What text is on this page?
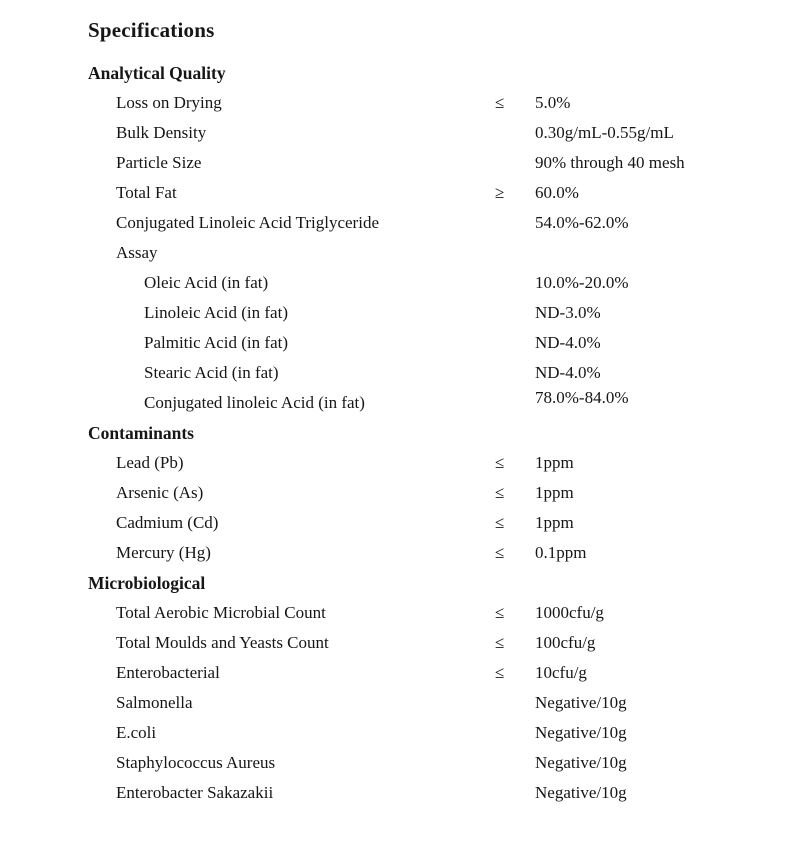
Specifications
Analytical Quality
Loss on Drying	≤ 5.0%
Bulk Density	0.30g/mL-0.55g/mL
Particle Size	90% through 40 mesh
Total Fat	≥ 60.0%
Conjugated Linoleic Acid Triglyceride	54.0%-62.0%
Assay
Oleic Acid (in fat)	10.0%-20.0%
Linoleic Acid (in fat)	ND-3.0%
Palmitic Acid (in fat)	ND-4.0%
Stearic Acid (in fat)	ND-4.0%
Conjugated linoleic Acid (in fat)	78.0%-84.0%
Contaminants
Lead (Pb)	≤ 1ppm
Arsenic (As)	≤ 1ppm
Cadmium (Cd)	≤ 1ppm
Mercury (Hg)	≤ 0.1ppm
Microbiological
Total Aerobic Microbial Count	≤ 1000cfu/g
Total Moulds and Yeasts Count	≤ 100cfu/g
Enterobacterial	≤ 10cfu/g
Salmonella	Negative/10g
E.coli	Negative/10g
Staphylococcus Aureus	Negative/10g
Enterobacter Sakazakii	Negative/10g
